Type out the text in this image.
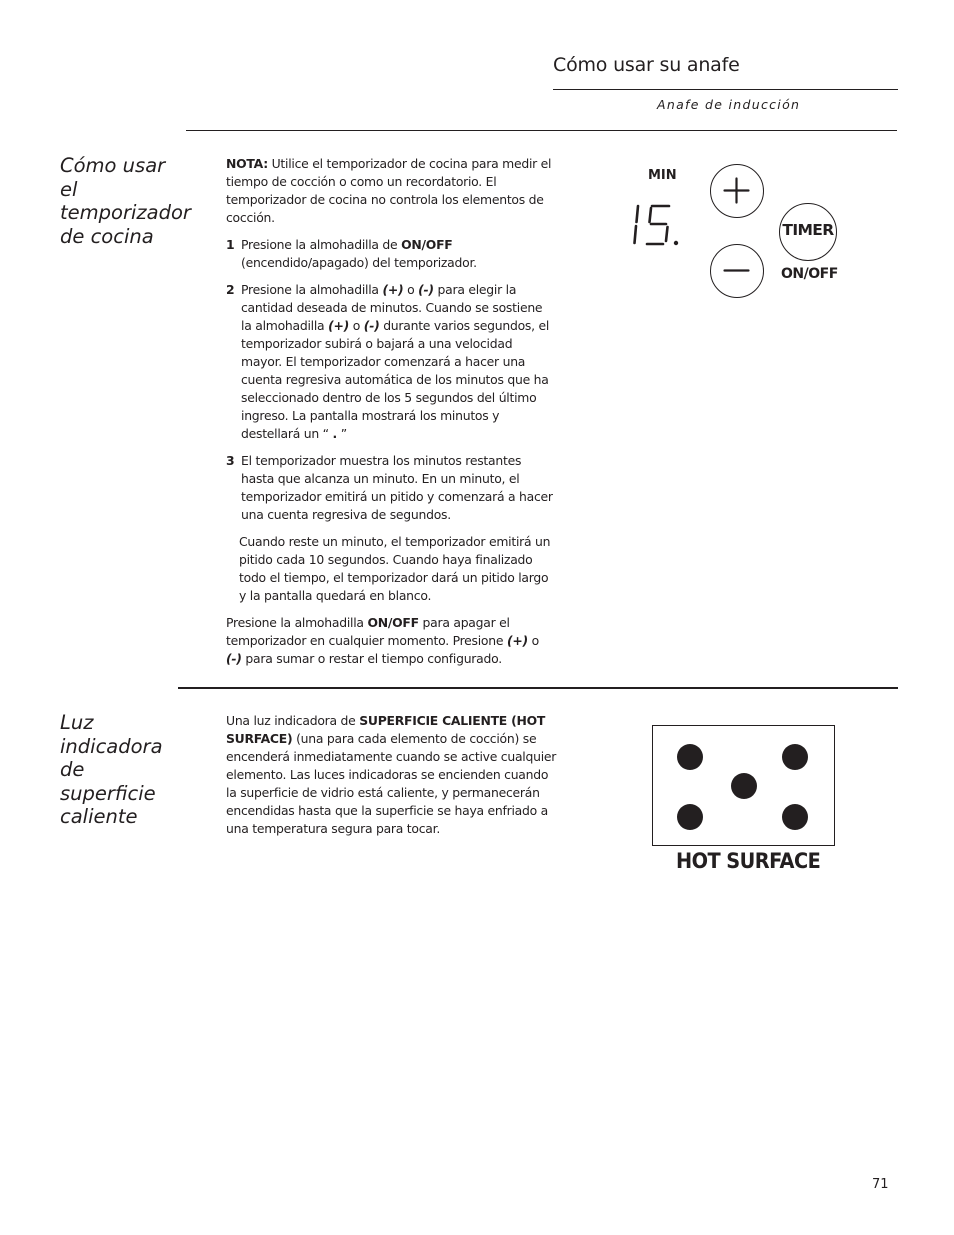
Cómo usar su anafe
Anafe de inducción
Cómo usar el temporizador de cocina

NOTA: Utilice el temporizador de cocina para medir el tiempo de cocción o como un recordatorio. El temporizador de cocina no controla los elementos de cocción.

1 Presione la almohadilla de ON/OFF (encendido/apagado) del temporizador.

2 Presione la almohadilla (+) o (-) para elegir la cantidad deseada de minutos. Cuando se sostiene la almohadilla (+) o (-) durante varios segundos, el temporizador subirá o bajará a una velocidad mayor. El temporizador comenzará a hacer una cuenta regresiva automática de los minutos que ha seleccionado dentro de los 5 segundos del último ingreso. La pantalla mostrará los minutos y destellará un “ . ”

3 El temporizador muestra los minutos restantes hasta que alcanza un minuto. En un minuto, el temporizador emitirá un pitido y comenzará a hacer una cuenta regresiva de segundos.

Cuando reste un minuto, el temporizador emitirá un pitido cada 10 segundos. Cuando haya finalizado todo el tiempo, el temporizador dará un pitido largo y la pantalla quedará en blanco.

Presione la almohadilla ON/OFF para apagar el temporizador en cualquier momento. Presione (+) o (-) para sumar o restar el tiempo configurado.

MIN
TIMER
ON/OFF
Luz indicadora de superficie caliente

Una luz indicadora de SUPERFICIE CALIENTE (HOT SURFACE) (una para cada elemento de cocción) se encenderá inmediatamente cuando se active cualquier elemento. Las luces indicadoras se encienden cuando la superficie de vidrio está caliente, y permanecerán encendidas hasta que la superficie se haya enfriado a una temperatura segura para tocar.

HOT SURFACE
71
